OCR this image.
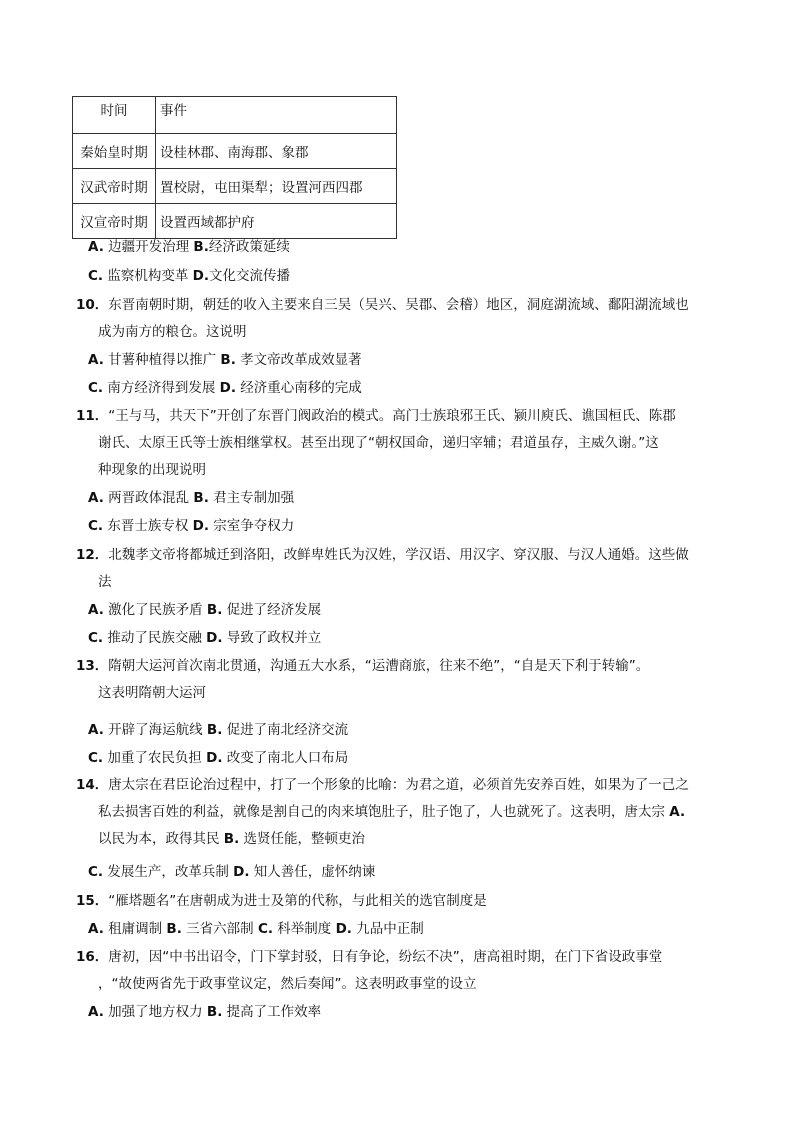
时间	事件
秦始皇时期	设桂林郡、南海郡、象郡
汉武帝时期	置校尉，屯田渠犁；设置河西四郡
汉宣帝时期	设置西域都护府
A. 边疆开发治理 B.经济政策延续
C. 监察机构变革 D.文化交流传播
10．东晋南朝时期，朝廷的收入主要来自三吴（吴兴、吴郡、会稽）地区，洞庭湖流域、鄱阳湖流域也
成为南方的粮仓。这说明
A. 甘薯种植得以推广 B. 孝文帝改革成效显著
C. 南方经济得到发展 D. 经济重心南移的完成
11．“王与马，共天下”开创了东晋门阀政治的模式。高门士族琅邪王氏、颍川庾氏、谯国桓氏、陈郡
谢氏、太原王氏等士族相继掌权。甚至出现了“朝权国命，递归宰辅；君道虽存，主威久谢。”这
种现象的出现说明
A. 两晋政体混乱 B. 君主专制加强
C. 东晋士族专权 D. 宗室争夺权力
12．北魏孝文帝将都城迁到洛阳，改鲜卑姓氏为汉姓，学汉语、用汉字、穿汉服、与汉人通婚。这些做
法
A. 激化了民族矛盾 B. 促进了经济发展
C. 推动了民族交融 D. 导致了政权并立
13．隋朝大运河首次南北贯通，沟通五大水系，“运漕商旅，往来不绝”，“自是天下利于转输”。
这表明隋朝大运河
A. 开辟了海运航线 B. 促进了南北经济交流
C. 加重了农民负担 D. 改变了南北人口布局
14．唐太宗在君臣论治过程中，打了一个形象的比喻：为君之道，必须首先安养百姓，如果为了一己之
私去损害百姓的利益，就像是割自己的肉来填饱肚子，肚子饱了，人也就死了。这表明，唐太宗 A.
以民为本，政得其民 B. 选贤任能，整顿吏治
C. 发展生产，改革兵制 D. 知人善任，虚怀纳谏
15．“雁塔题名”在唐朝成为进士及第的代称，与此相关的选官制度是
A. 租庸调制 B. 三省六部制 C. 科举制度 D. 九品中正制
16．唐初，因“中书出诏令，门下掌封驳，日有争论，纷纭不决”，唐高祖时期，在门下省设政事堂
，“故使两省先于政事堂议定，然后奏闻”。这表明政事堂的设立
A. 加强了地方权力 B. 提高了工作效率
